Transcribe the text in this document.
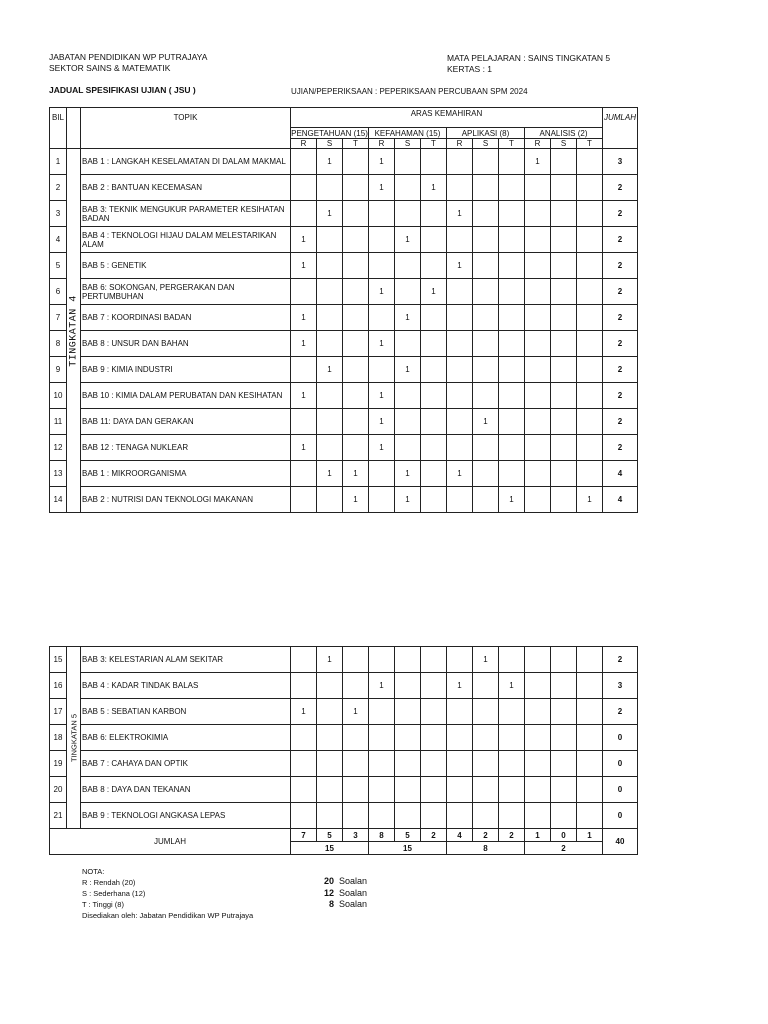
JABATAN PENDIDIKAN WP PUTRAJAYA
SEKTOR SAINS & MATEMATIK
MATA PELAJARAN : SAINS TINGKATAN 5
KERTAS : 1
JADUAL SPESIFIKASI UJIAN ( JSU )	UJIAN/PEPERIKSAAN : PEPERIKSAAN PERCUBAAN SPM 2024
BIL		TOPIK	ARAS KEMAHIRAN												JUMLAH
			PENGETAHUAN (15)			KEFAHAMAN (15)			APLIKASI (8)			ANALISIS (2)			
			R	S	T	R	S	T	R	S	T	R	S	T	
1	TINGKATAN 4	BAB 1 : LANGKAH KESELAMATAN DI DALAM MAKMAL		1		1						1			3
2		BAB 2 : BANTUAN KECEMASAN				1		1							2
3		BAB 3: TEKNIK MENGUKUR PARAMETER KESIHATAN BADAN		1					1						2
4		BAB 4 : TEKNOLOGI HIJAU DALAM MELESTARIKAN ALAM	1				1								2
5		BAB 5 : GENETIK	1						1						2
6		BAB 6: SOKONGAN, PERGERAKAN DAN PERTUMBUHAN				1		1							2
7		BAB 7 : KOORDINASI BADAN	1				1								2
8		BAB 8 : UNSUR DAN BAHAN	1			1									2
9		BAB 9 : KIMIA INDUSTRI		1			1								2
10		BAB 10 : KIMIA DALAM PERUBATAN DAN KESIHATAN	1			1									2
11		BAB 11: DAYA DAN GERAKAN				1				1					2
12		BAB 12 : TENAGA NUKLEAR	1			1									2
13		BAB 1 : MIKROORGANISMA		1	1		1		1						4
14		BAB 2 : NUTRISI DAN TEKNOLOGI MAKANAN			1		1				1			1	4
15	TINGKATAN 5	BAB 3: KELESTARIAN ALAM SEKITAR		1						1					2
16		BAB 4 : KADAR TINDAK BALAS				1			1		1				3
17		BAB 5 : SEBATIAN KARBON	1		1										2
18		BAB 6: ELEKTROKIMIA													0
19		BAB 7 : CAHAYA DAN OPTIK													0
20		BAB 8 : DAYA DAN TEKANAN													0
21		BAB 9 : TEKNOLOGI ANGKASA LEPAS													0
JUMLAH			7	5	3	8	5	2	4	2	2	1	0	1	40
			15			15			8			2			
NOTA:
R : Rendah (20)
S : Sederhana (12)
T : Tinggi (8)
Disediakan oleh: Jabatan Pendidikan WP Putrajaya
20 Soalan
12 Soalan
8 Soalan
